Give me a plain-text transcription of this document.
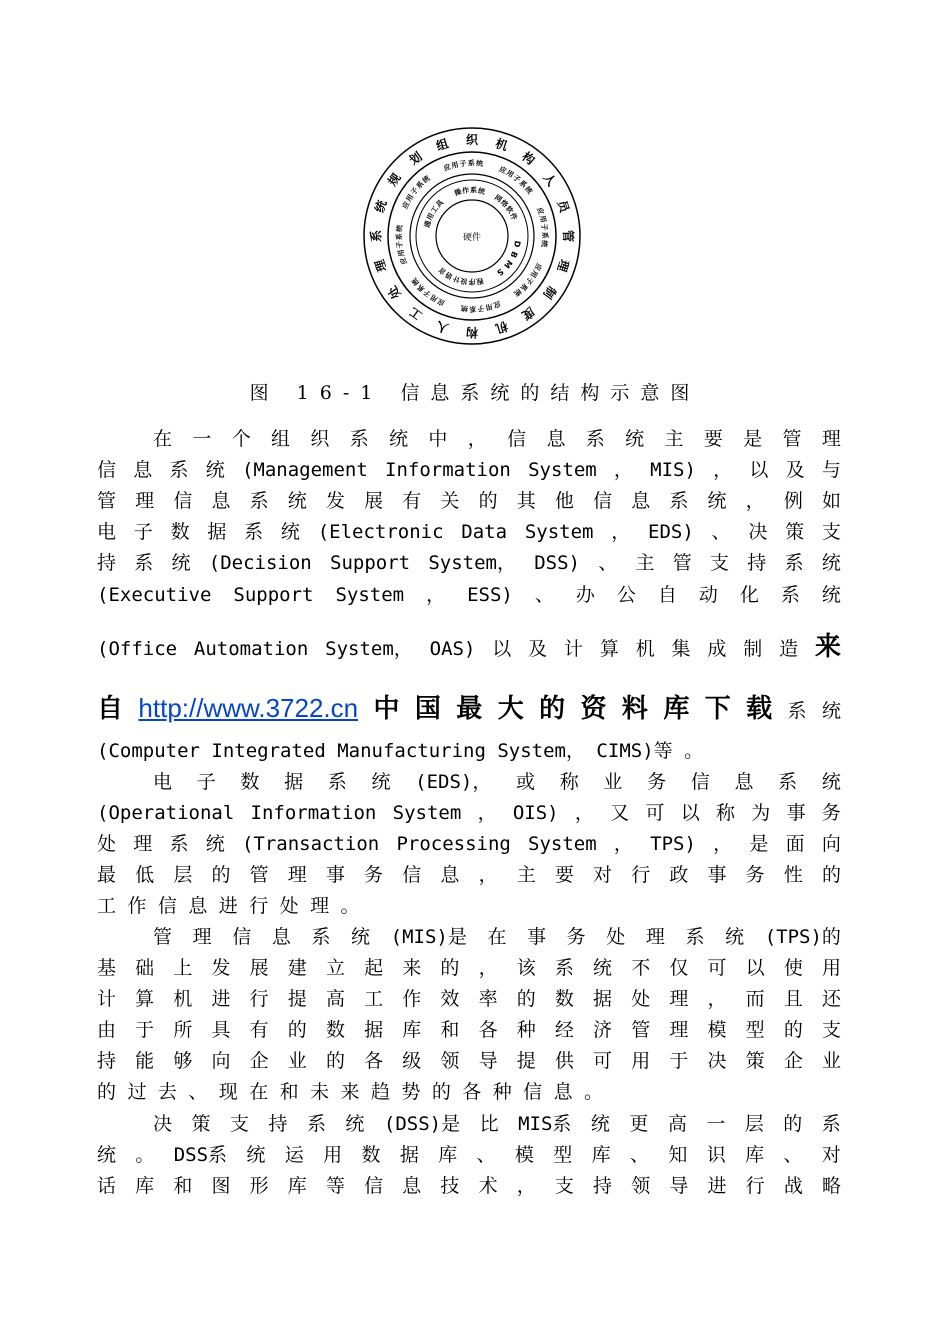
硬件
操 作 系 统
网
络
软
件
D
B
M
S
程
序
设
计
语
言
通
用
工
具
应
用 子 系 统
应
用
子
系
统
应
用
子
系
统
应
用
子
系
统
应
用
子
系
统
应
用
子
系
统
应
用
子
系
统
应
用
子
系
统
组 织 机
构
人
员
管
理
制
度
机
构
人
工
处
理
系
统
规
划
图 16-1 信息系统的结构示意图
在 一 个 组 织 系 统 中 ， 信 息 系 统 主 要 是 管 理
信 息 系 统 (Management Information System ， MIS) ， 以 及 与
管 理 信 息 系 统 发 展 有 关 的 其 他 信 息 系 统 ， 例 如
电 子 数 据 系 统 (Electronic Data System ， EDS) 、 决 策 支
持 系 统 (Decision Support System， DSS) 、 主 管 支 持 系 统
(Executive Support System ， ESS) 、 办 公 自 动 化 系 统
(Office Automation System， OAS) 以 及 计 算 机 集 成 制 造 来
自 http://www.3722.cn 中 国 最 大 的 资 料 库 下 载 系 统
(Computer Integrated Manufacturing System， CIMS)等 。
电 子 数 据 系 统 (EDS)， 或 称 业 务 信 息 系 统
(Operational Information System ， OIS) ， 又 可 以 称 为 事 务
处 理 系 统 (Transaction Processing System ， TPS) ， 是 面 向
最 低 层 的 管 理 事 务 信 息 ， 主 要 对 行 政 事 务 性 的
工 作 信 息 进 行 处 理 。
管 理 信 息 系 统 (MIS)是 在 事 务 处 理 系 统 (TPS)的
基 础 上 发 展 建 立 起 来 的 ， 该 系 统 不 仅 可 以 使 用
计 算 机 进 行 提 高 工 作 效 率 的 数 据 处 理 ， 而 且 还
由 于 所 具 有 的 数 据 库 和 各 种 经 济 管 理 模 型 的 支
持 能 够 向 企 业 的 各 级 领 导 提 供 可 用 于 决 策 企 业
的 过 去 、 现 在 和 未 来 趋 势 的 各 种 信 息 。
决 策 支 持 系 统 (DSS)是 比 MIS系 统 更 高 一 层 的 系
统 。 DSS系 统 运 用 数 据 库 、 模 型 库 、 知 识 库 、 对
话 库 和 图 形 库 等 信 息 技 术 ， 支 持 领 导 进 行 战 略
